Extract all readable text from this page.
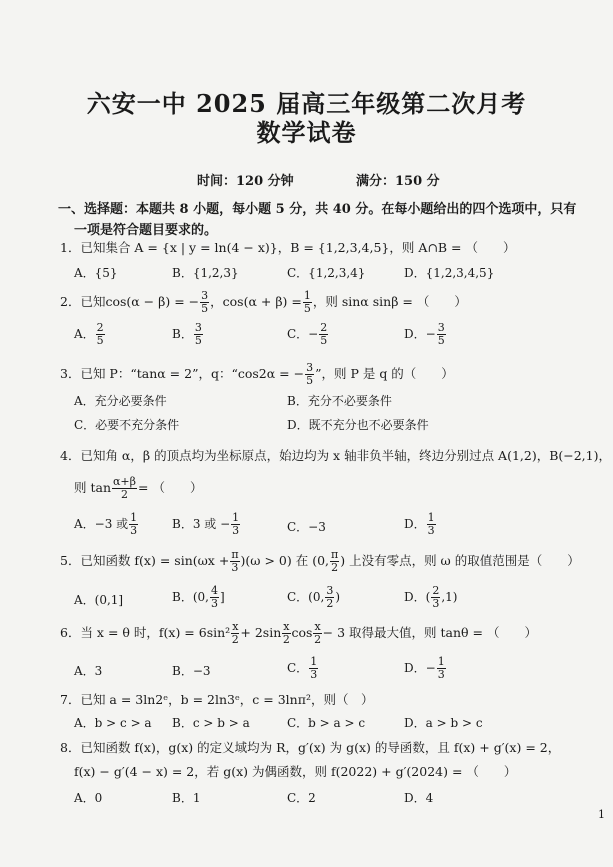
六安一中 2025 届高三年级第二次月考
数学试卷
时间：120 分钟	满分：150 分
一、选择题：本题共 8 小题，每小题 5 分，共 40 分。在每小题给出的四个选项中，只有
一项是符合题目要求的。
1．已知集合 A = {x | y = ln(4 − x)}，B = {1,2,3,4,5}，则 A∩B = （　　）
A．{5}	B．{1,2,3}	C．{1,2,3,4}	D．{1,2,3,4,5}
2．已知cos(α − β) = − $\frac{3}{5}$ ，$\cos(\alpha + \beta) = \frac{1}{5}$ ，则 sinα sinβ = （　　）
A． $\frac{2}{5}$	B． $\frac{3}{5}$	C．− $\frac{2}{5}$	D．− $\frac{3}{5}$
3．已知 P：“tanα = 2”，q：“cos2α = − $\frac{3}{5}$ ”，则 P 是 q 的（　　）
A．充分必要条件	B．充分不必要条件
C．必要不充分条件	D．既不充分也不必要条件
4．已知角 α，β 的顶点均为坐标原点，始边均为 x 轴非负半轴，终边分别过点 A(1,2)，B(−2,1)，
则 $\tan \frac{\alpha+\beta}{2}$ = （　　）
A．−3 或 $\frac{1}{3}$	B．3 或 − $\frac{1}{3}$	C．−3	D． $\frac{1}{3}$
5．已知函数 $f(x) = \sin(\omega x + \frac{\pi}{3} )(\omega > 0)$ 在 (0, $\frac{\pi}{2}$ ) 上没有零点，则 ω 的取值范围是（　　）
A．(0,1]	B．(0, $\frac{4}{3}$ ]	C．(0, $\frac{3}{2}$ )	D．( $\frac{2}{3} ,1$)
6．当 x = θ 时，$f(x) = 6\sin^2 \frac{x}{2} + 2\sin \frac{x}{2}$ $\cos \frac{x}{2} - 3$ 取得最大值，则 tanθ = （　　）
A．3	B．−3	C． $\frac{1}{3}$	D．− $\frac{1}{3}$
7．已知 a = 3ln2ᵉ，b = 2ln3ᵉ，c = 3lnπ²，则（　）
A．b > c > a B．c > b > a	C．b > a > c	D．a > b > c
8．已知函数 f(x)，g(x) 的定义域均为 R，g′(x) 为 g(x) 的导函数，且 f(x) + g′(x) = 2，
f(x) − g′(4 − x) = 2，若 g(x) 为偶函数，则 f(2022) + g′(2024) = （　　）
A．0	B．1	C．2	D．4
1
